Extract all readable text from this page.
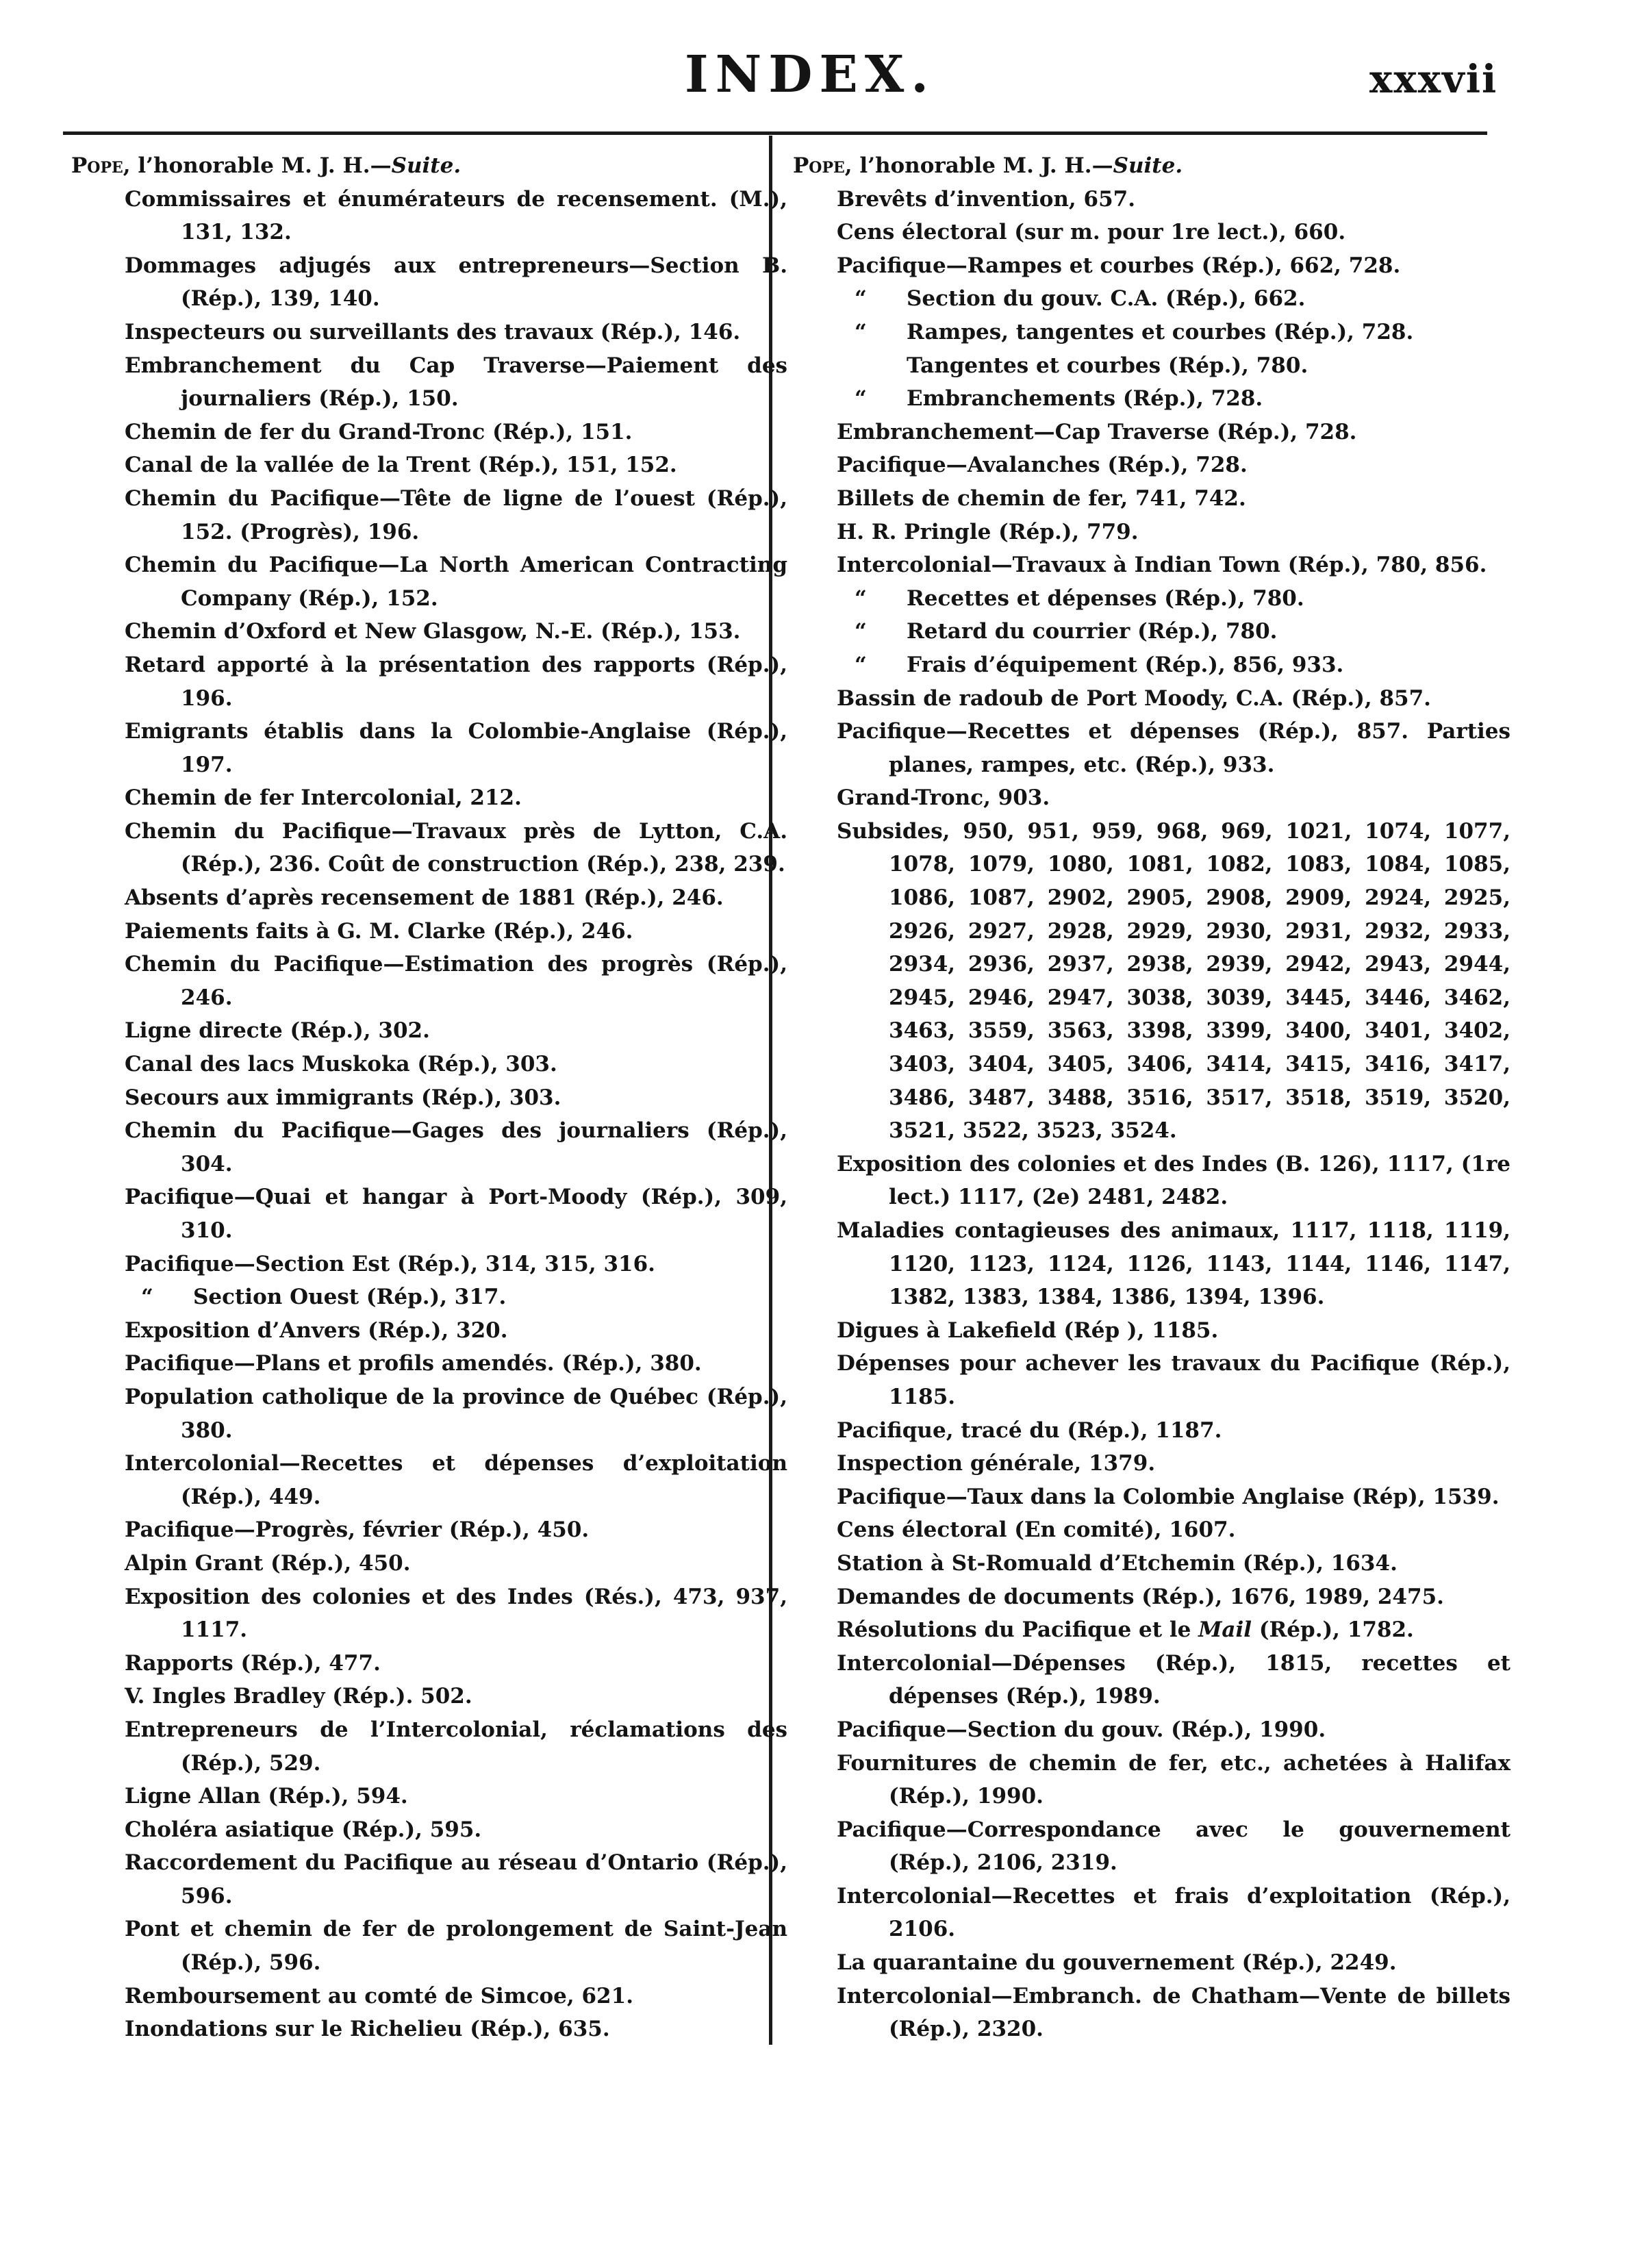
INDEX.	xxxvii

Pope, l’honorable M. J. H.—Suite.

Commissaires et énumérateurs de recensement. (M.), 131, 132.

Dommages adjugés aux entrepreneurs—Section B. (Rép.), 139, 140.

Inspecteurs ou surveillants des travaux (Rép.), 146.

Embranchement du Cap Traverse—Paiement des journaliers (Rép.), 150.

Chemin de fer du Grand-Tronc (Rép.), 151.

Canal de la vallée de la Trent (Rép.), 151, 152.

Chemin du Pacifique—Tête de ligne de l’ouest (Rép.), 152. (Progrès), 196.

Chemin du Pacifique—La North American Contracting Company (Rép.), 152.

Chemin d’Oxford et New Glasgow, N.-E. (Rép.), 153.

Retard apporté à la présentation des rapports (Rép.), 196.

Emigrants établis dans la Colombie-Anglaise (Rép.), 197.

Chemin de fer Intercolonial, 212.

Chemin du Pacifique—Travaux près de Lytton, C.A. (Rép.), 236. Coût de construction (Rép.), 238, 239.

Absents d’après recensement de 1881 (Rép.), 246.

Paiements faits à G. M. Clarke (Rép.), 246.

Chemin du Pacifique—Estimation des progrès (Rép.), 246.

Ligne directe (Rép.), 302.

Canal des lacs Muskoka (Rép.), 303.

Secours aux immigrants (Rép.), 303.

Chemin du Pacifique—Gages des journaliers (Rép.), 304.

Pacifique—Quai et hangar à Port-Moody (Rép.), 309, 310.

Pacifique—Section Est (Rép.), 314, 315, 316.

“ Section Ouest (Rép.), 317.

Exposition d’Anvers (Rép.), 320.

Pacifique—Plans et profils amendés. (Rép.), 380.

Population catholique de la province de Québec (Rép.), 380.

Intercolonial—Recettes et dépenses d’exploitation (Rép.), 449.

Pacifique—Progrès, février (Rép.), 450.

Alpin Grant (Rép.), 450.

Exposition des colonies et des Indes (Rés.), 473, 937, 1117.

Rapports (Rép.), 477.

V. Ingles Bradley (Rép.). 502.

Entrepreneurs de l’Intercolonial, réclamations des (Rép.), 529.

Ligne Allan (Rép.), 594.

Choléra asiatique (Rép.), 595.

Raccordement du Pacifique au réseau d’Ontario (Rép.), 596.

Pont et chemin de fer de prolongement de Saint-Jean (Rép.), 596.

Remboursement au comté de Simcoe, 621.

Inondations sur le Richelieu (Rép.), 635.

Pope, l’honorable M. J. H.—Suite.

Brevêts d’invention, 657.

Cens électoral (sur m. pour 1re lect.), 660.

Pacifique—Rampes et courbes (Rép.), 662, 728.

“ Section du gouv. C.A. (Rép.), 662.

“ Rampes, tangentes et courbes (Rép.), 728.

Tangentes et courbes (Rép.), 780.

“ Embranchements (Rép.), 728.

Embranchement—Cap Traverse (Rép.), 728.

Pacifique—Avalanches (Rép.), 728.

Billets de chemin de fer, 741, 742.

H. R. Pringle (Rép.), 779.

Intercolonial—Travaux à Indian Town (Rép.), 780, 856.

“ Recettes et dépenses (Rép.), 780.

“ Retard du courrier (Rép.), 780.

“ Frais d’équipement (Rép.), 856, 933.

Bassin de radoub de Port Moody, C.A. (Rép.), 857.

Pacifique—Recettes et dépenses (Rép.), 857. Parties planes, rampes, etc. (Rép.), 933.

Grand-Tronc, 903.

Subsides, 950, 951, 959, 968, 969, 1021, 1074, 1077, 1078, 1079, 1080, 1081, 1082, 1083, 1084, 1085, 1086, 1087, 2902, 2905, 2908, 2909, 2924, 2925, 2926, 2927, 2928, 2929, 2930, 2931, 2932, 2933, 2934, 2936, 2937, 2938, 2939, 2942, 2943, 2944, 2945, 2946, 2947, 3038, 3039, 3445, 3446, 3462, 3463, 3559, 3563, 3398, 3399, 3400, 3401, 3402, 3403, 3404, 3405, 3406, 3414, 3415, 3416, 3417, 3486, 3487, 3488, 3516, 3517, 3518, 3519, 3520, 3521, 3522, 3523, 3524.

Exposition des colonies et des Indes (B. 126), 1117, (1re lect.) 1117, (2e) 2481, 2482.

Maladies contagieuses des animaux, 1117, 1118, 1119, 1120, 1123, 1124, 1126, 1143, 1144, 1146, 1147, 1382, 1383, 1384, 1386, 1394, 1396.

Digues à Lakefield (Rép ), 1185.

Dépenses pour achever les travaux du Pacifique (Rép.), 1185.

Pacifique, tracé du (Rép.), 1187.

Inspection générale, 1379.

Pacifique—Taux dans la Colombie Anglaise (Rép), 1539.

Cens électoral (En comité), 1607.

Station à St-Romuald d’Etchemin (Rép.), 1634.

Demandes de documents (Rép.), 1676, 1989, 2475.

Résolutions du Pacifique et le Mail (Rép.), 1782.

Intercolonial—Dépenses (Rép.), 1815, recettes et dépenses (Rép.), 1989.

Pacifique—Section du gouv. (Rép.), 1990.

Fournitures de chemin de fer, etc., achetées à Halifax (Rép.), 1990.

Pacifique—Correspondance avec le gouvernement (Rép.), 2106, 2319.

Intercolonial—Recettes et frais d’exploitation (Rép.), 2106.

La quarantaine du gouvernement (Rép.), 2249.

Intercolonial—Embranch. de Chatham—Vente de billets (Rép.), 2320.
